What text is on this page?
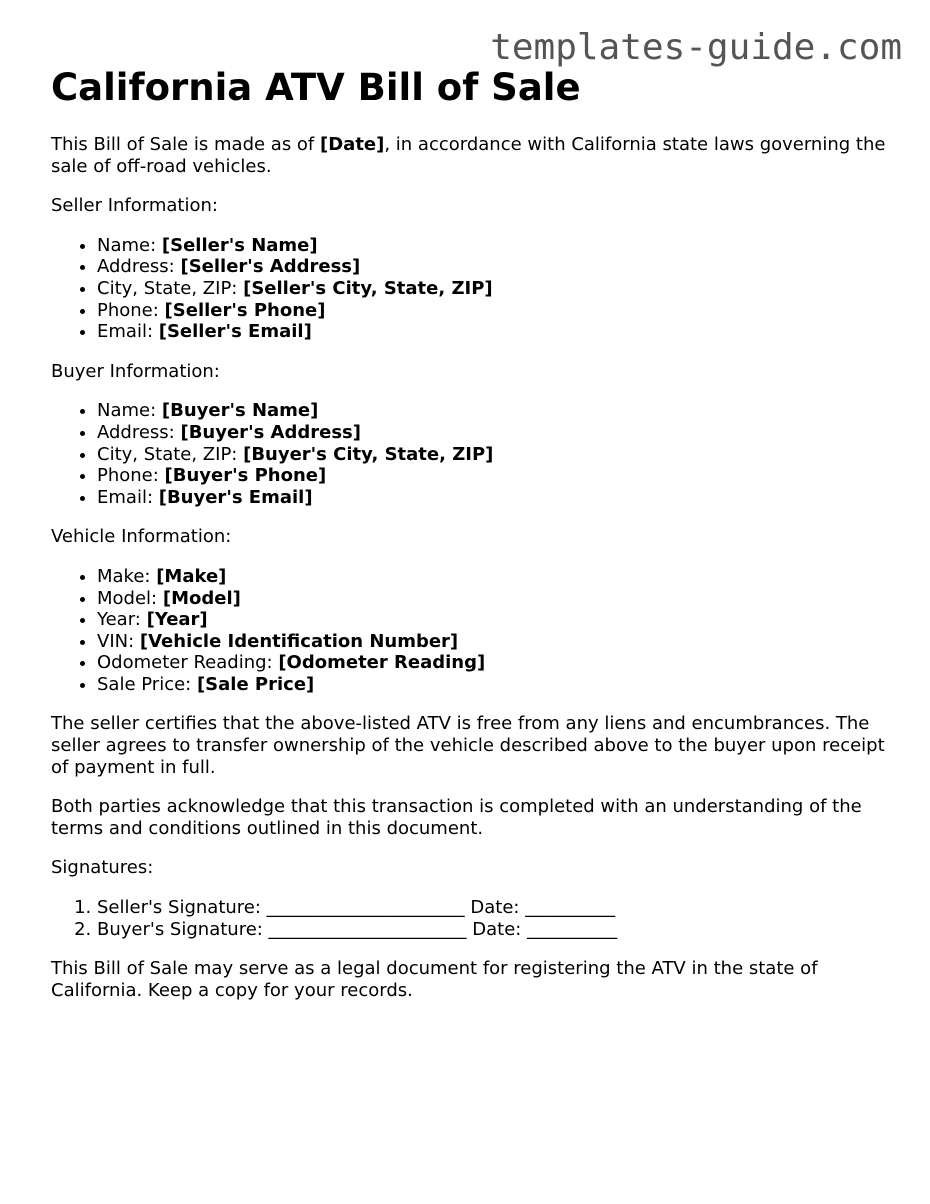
templates-guide.com
California ATV Bill of Sale

This Bill of Sale is made as of [Date], in accordance with California state laws governing the sale of off-road vehicles.

Seller Information:

• Name: [Seller's Name]
• Address: [Seller's Address]
• City, State, ZIP: [Seller's City, State, ZIP]
• Phone: [Seller's Phone]
• Email: [Seller's Email]

Buyer Information:

• Name: [Buyer's Name]
• Address: [Buyer's Address]
• City, State, ZIP: [Buyer's City, State, ZIP]
• Phone: [Buyer's Phone]
• Email: [Buyer's Email]

Vehicle Information:

• Make: [Make]
• Model: [Model]
• Year: [Year]
• VIN: [Vehicle Identification Number]
• Odometer Reading: [Odometer Reading]
• Sale Price: [Sale Price]

The seller certifies that the above-listed ATV is free from any liens and encumbrances. The seller agrees to transfer ownership of the vehicle described above to the buyer upon receipt of payment in full.

Both parties acknowledge that this transaction is completed with an understanding of the terms and conditions outlined in this document.

Signatures:

1. Seller's Signature: ______________________ Date: __________
2. Buyer's Signature: ______________________ Date: __________

This Bill of Sale may serve as a legal document for registering the ATV in the state of California. Keep a copy for your records.
